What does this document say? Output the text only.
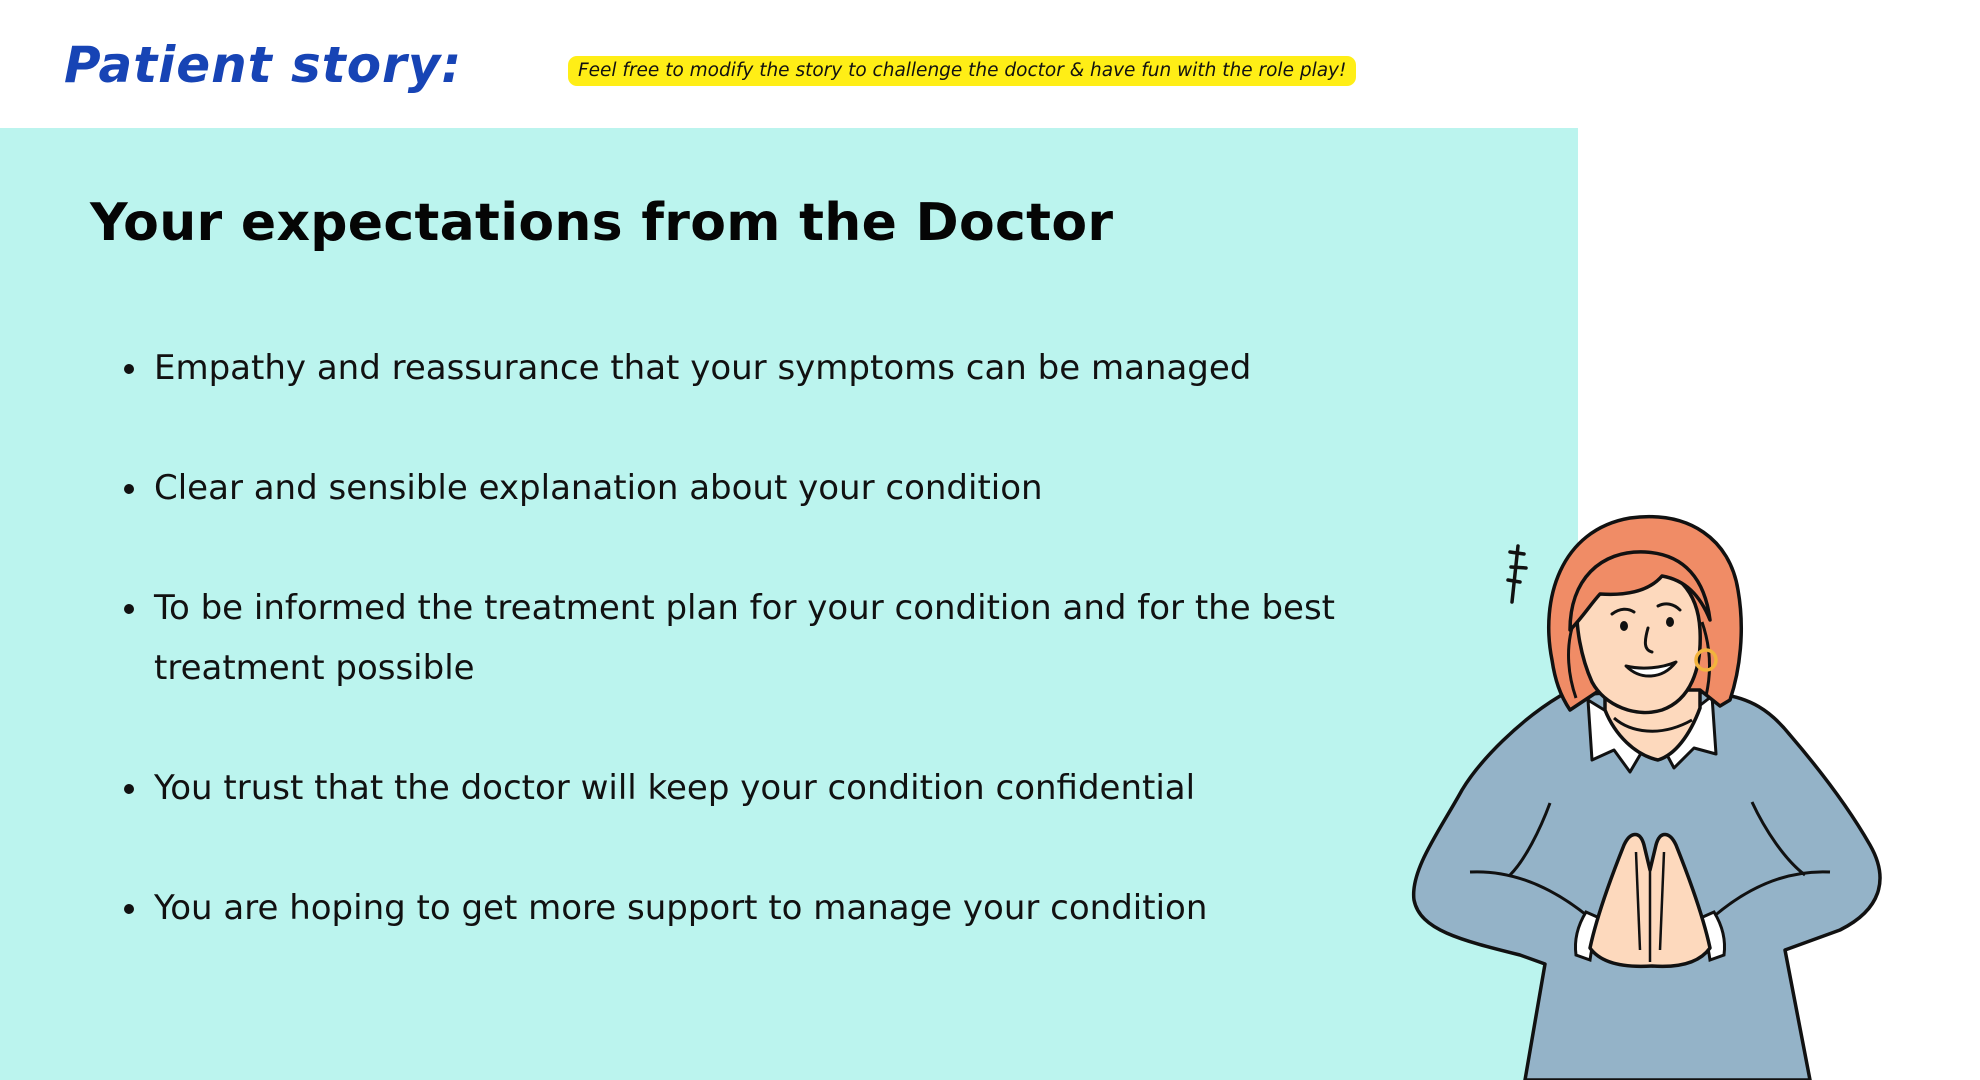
Patient story:	Feel free to modify the story to challenge the doctor & have fun with the role play!
Your expectations from the Doctor
Empathy and reassurance that your symptoms can be managed
Clear and sensible explanation about your condition
To be informed the treatment plan for your condition and for the best treatment possible
You trust that the doctor will keep your condition confidential
You are hoping to get more support to manage your condition
